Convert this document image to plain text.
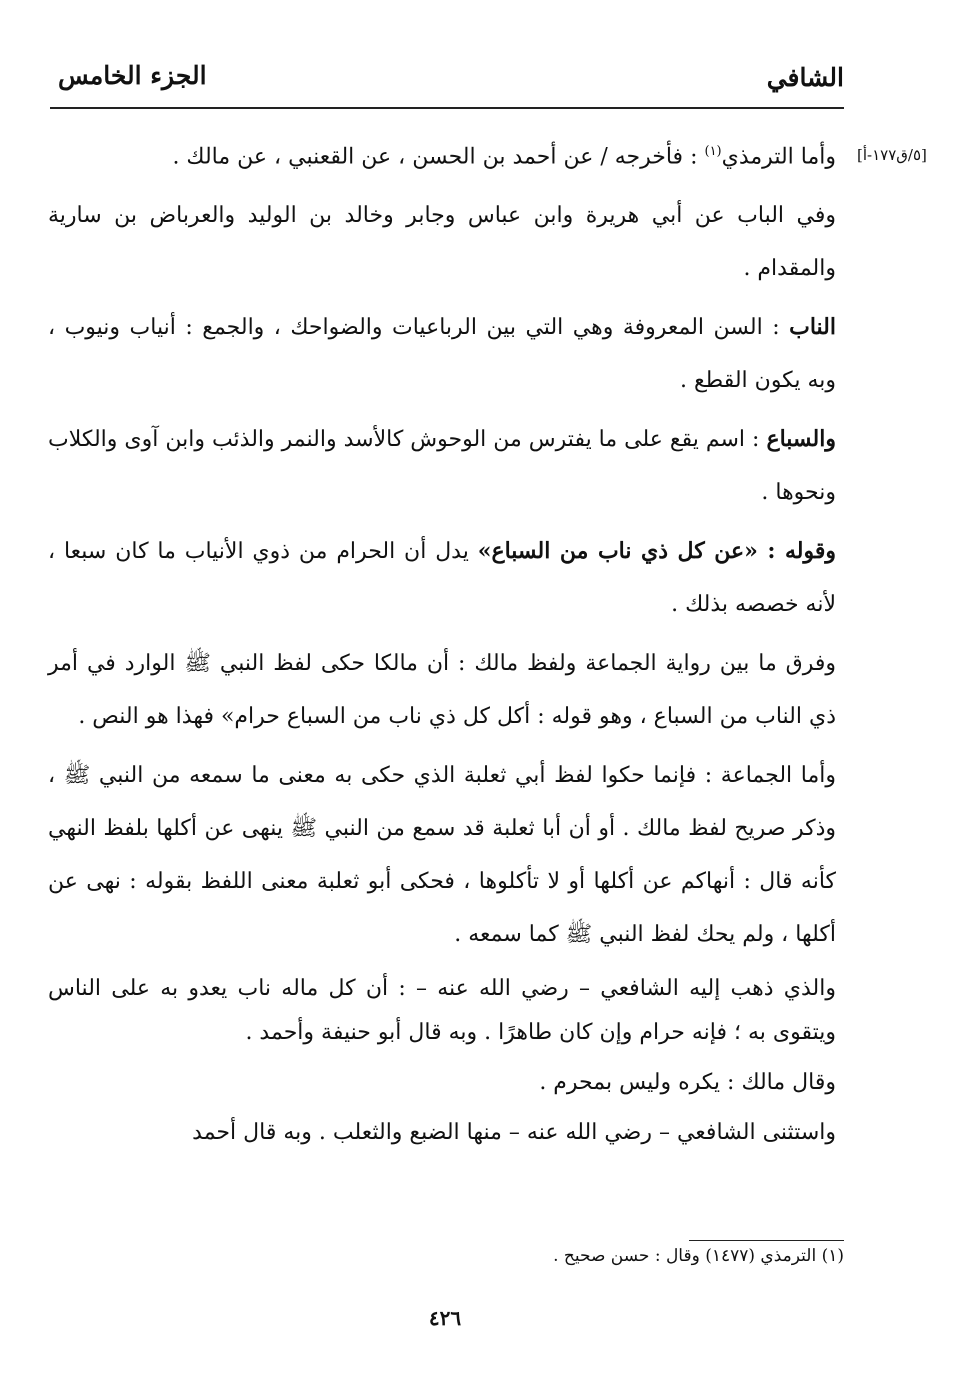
الشافي
الجزء الخامس
[٥/ق١٧٧-أ]

وأما الترمذي$^{(١)}$ : فأخرجه / عن أحمد بن الحسن ، عن القعنبي ، عن مالك .

وفي الباب عن أبي هريرة وابن عباس وجابر وخالد بن الوليد والعرباض بن سارية والمقدام .

الناب : السن المعروفة وهي التي بين الرباعيات والضواحك ، والجمع : أنياب ونيوب ، وبه يكون القطع .

والسباع : اسم يقع على ما يفترس من الوحوش كالأسد والنمر والذئب وابن آوى والكلاب ونحوها .

وقوله : «عن كل ذي ناب من السباع» يدل أن الحرام من ذوي الأنياب ما كان سبعا ، لأنه خصصه بذلك .

وفرق ما بين رواية الجماعة ولفظ مالك : أن مالكا حكى لفظ النبي ﷺ الوارد في أمر ذي الناب من السباع ، وهو قوله : أكل كل ذي ناب من السباع حرام» فهذا هو النص .

وأما الجماعة : فإنما حكوا لفظ أبي ثعلبة الذي حكى به معنى ما سمعه من النبي ﷺ ، وذكر صريح لفظ مالك . أو أن أبا ثعلبة قد سمع من النبي ﷺ ينهى عن أكلها بلفظ النهي كأنه قال : أنهاكم عن أكلها أو لا تأكلوها ، فحكى أبو ثعلبة معنى اللفظ بقوله : نهى عن أكلها ، ولم يحك لفظ النبي ﷺ كما سمعه .

والذي ذهب إليه الشافعي – رضي الله عنه – : أن كل ماله ناب يعدو به على الناس ويتقوى به ؛ فإنه حرام وإن كان طاهرًا . وبه قال أبو حنيفة وأحمد .

وقال مالك : يكره وليس بمحرم .

واستثنى الشافعي – رضي الله عنه – منها الضبع والثعلب . وبه قال أحمد

(١) الترمذي (١٤٧٧) وقال : حسن صحيح .

٤٢٦
